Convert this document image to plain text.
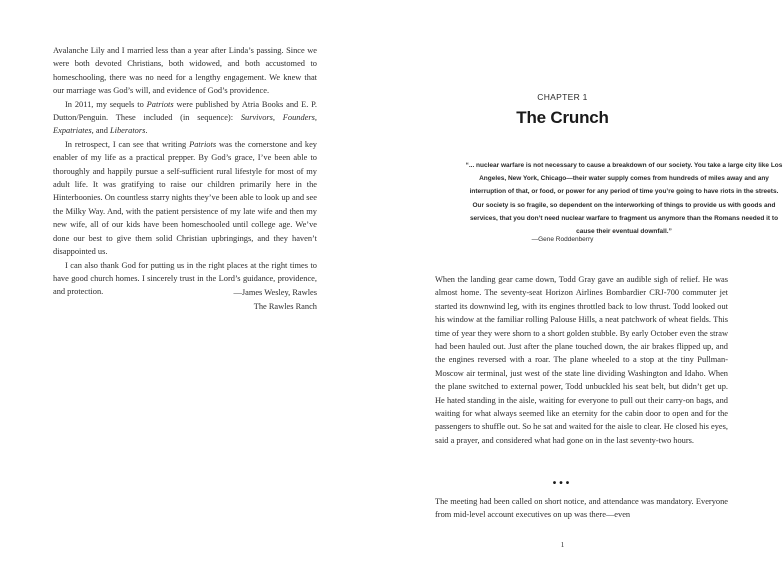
Avalanche Lily and I married less than a year after Linda’s passing. Since we were both devoted Christians, both widowed, and both accustomed to homeschooling, there was no need for a lengthy engagement. We knew that our marriage was God’s will, and evidence of God’s providence.

In 2011, my sequels to Patriots were published by Atria Books and E. P. Dutton/Penguin. These included (in sequence): Survivors, Founders, Expatriates, and Liberators.

In retrospect, I can see that writing Patriots was the cornerstone and key enabler of my life as a practical prepper. By God’s grace, I’ve been able to thoroughly and happily pursue a self-sufficient rural lifestyle for most of my adult life. It was gratifying to raise our children primarily here in the Hinterboonies. On countless starry nights they’ve been able to look up and see the Milky Way. And, with the patient persistence of my late wife and then my new wife, all of our kids have been homeschooled until college age. We’ve done our best to give them solid Christian upbringings, and they haven’t disappointed us.

I can also thank God for putting us in the right places at the right times to have good church homes. I sincerely trust in the Lord’s guidance, providence, and protection.	—James Wesley, Rawles
The Rawles Ranch
CHAPTER 1
The Crunch
“... nuclear warfare is not necessary to cause a breakdown of our society. You take a large city like Los Angeles, New York, Chicago—their water supply comes from hundreds of miles away and any interruption of that, or food, or power for any period of time you’re going to have riots in the streets. Our society is so fragile, so dependent on the interworking of things to provide us with goods and services, that you don’t need nuclear warfare to fragment us anymore than the Romans needed it to cause their eventual downfall.”
—Gene Roddenberry

When the landing gear came down, Todd Gray gave an audible sigh of relief. He was almost home. The seventy-seat Horizon Airlines Bombardier CRJ-700 commuter jet started its downwind leg, with its engines throttled back to low thrust. Todd looked out his window at the familiar rolling Palouse Hills, a neat patchwork of wheat fields. This time of year they were shorn to a short golden stubble. By early October even the straw had been hauled out. Just after the plane touched down, the air brakes flipped up, and the engines reversed with a roar. The plane wheeled to a stop at the tiny Pullman-Moscow air terminal, just west of the state line dividing Washington and Idaho. When the plane switched to external power, Todd unbuckled his seat belt, but didn’t get up. He hated standing in the aisle, waiting for everyone to pull out their carry-on bags, and waiting for what always seemed like an eternity for the cabin door to open and for the passengers to shuffle out. So he sat and waited for the aisle to clear. He closed his eyes, said a prayer, and considered what had gone on in the last seventy-two hours.

•••

The meeting had been called on short notice, and attendance was mandatory. Everyone from mid-level account executives on up was there—even

1
